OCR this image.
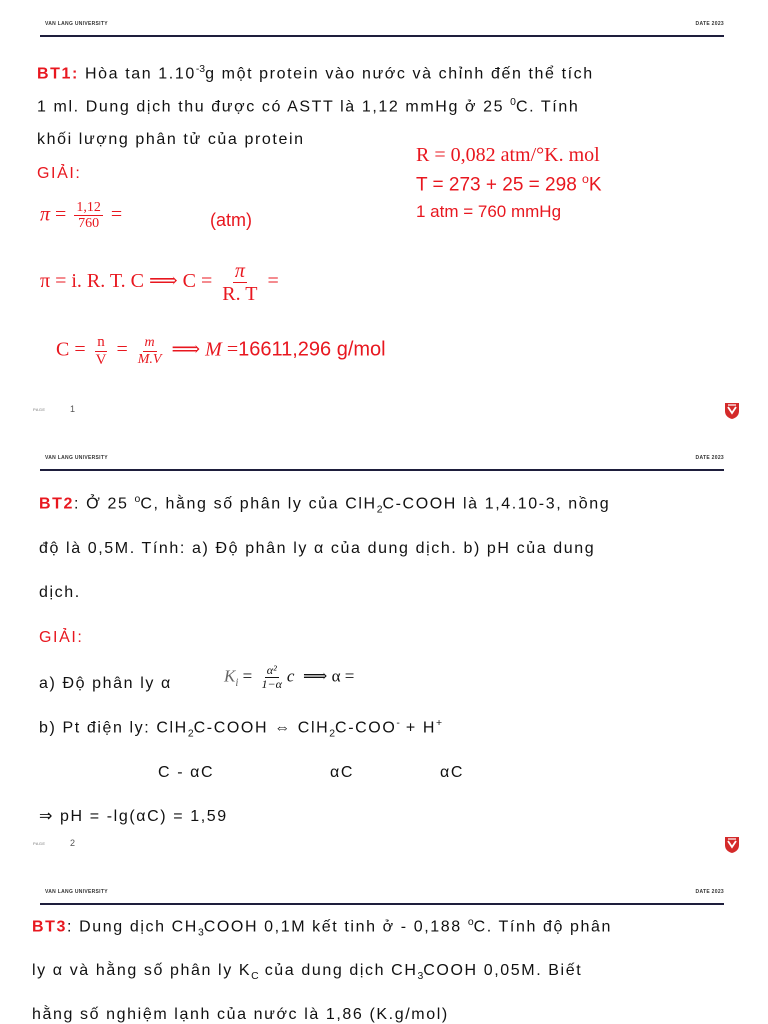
VAN LANG UNIVERSITY	DATE 2023
BT1: Hòa $\tan 1.10^{-3}g$ một protein vào nước và chỉnh đến thể tích
1 ml. Dung dịch thu được có ASTT là 1,12 mmHg ở 25 $^0$C. Tính
khối lượng phân tử của protein
GIẢI:
R = 0,082 atm/°K. mol
T = 273 + 25 = 298 $^o$K
1 atm = 760 mmHg
$\pi = \frac{1,12}{760}$ =	(atm)
π = i. R. T. C ⟹ $C = \frac{\pi}{R. T}$ =
$C = \frac{n}{V} = \frac{m}{M.V}$ ⟹ M =16611,296 g/mol
PAGE	1
VAN LANG UNIVERSITY	DATE 2023
BT2: Ở 25 $^o$C, hằng số phân ly của ClH$_2$C-COOH là 1,4.10-3, nồng
độ là 0,5M. Tính: a) Độ phân ly α của dung dịch. b) pH của dung
dịch.
GIẢI:
a) Độ phân ly α	$K_i = \frac{\text{α²}}{1-\alpha}$ c ⟹ α =
b) Pt điện ly: ClH$_2$C-COOH ⇔ ClH$_2$C-COO- + H+
C - αC	αC	αC
⇒ pH = -lg(αC) = 1,59
PAGE	2
VAN LANG UNIVERSITY	DATE 2023
BT3: Dung dịch $CH_3COOH$ 0,1M kết tinh ở - 0,188 $^o$C. Tính độ phân
ly α và hằng số phân ly $K_C$ của dung dịch $CH_3COOH$ 0,05M. Biết
hằng số nghiệm lạnh của nước là 1,86 (K.g/mol)
